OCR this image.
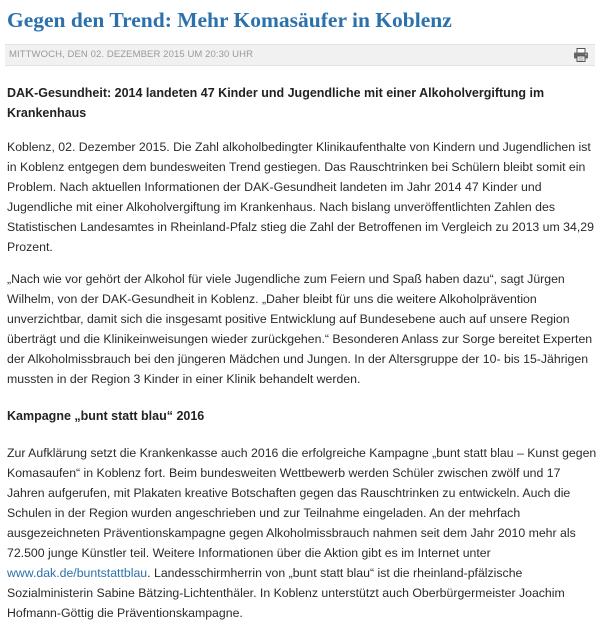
Gegen den Trend: Mehr Komasäufer in Koblenz
MITTWOCH, DEN 02. DEZEMBER 2015 UM 20:30 UHR
DAK-Gesundheit: 2014 landeten 47 Kinder und Jugendliche mit einer Alkoholvergiftung im Krankenhaus

Koblenz, 02. Dezember 2015. Die Zahl alkoholbedingter Klinikaufenthalte von Kindern und Jugendlichen ist in Koblenz entgegen dem bundesweiten Trend gestiegen. Das Rauschtrinken bei Schülern bleibt somit ein Problem. Nach aktuellen Informationen der DAK-Gesundheit landeten im Jahr 2014 47 Kinder und Jugendliche mit einer Alkoholvergiftung im Krankenhaus. Nach bislang unveröffentlichten Zahlen des Statistischen Landesamtes in Rheinland-Pfalz stieg die Zahl der Betroffenen im Vergleich zu 2013 um 34,29 Prozent.

„Nach wie vor gehört der Alkohol für viele Jugendliche zum Feiern und Spaß haben dazu“, sagt Jürgen Wilhelm, von der DAK-Gesundheit in Koblenz. „Daher bleibt für uns die weitere Alkoholprävention unverzichtbar, damit sich die insgesamt positive Entwicklung auf Bundesebene auch auf unsere Region überträgt und die Klinikeinweisungen wieder zurückgehen.“ Besonderen Anlass zur Sorge bereitet Experten der Alkoholmissbrauch bei den jüngeren Mädchen und Jungen. In der Altersgruppe der 10- bis 15-Jährigen mussten in der Region 3 Kinder in einer Klinik behandelt werden.

Kampagne „bunt statt blau“ 2016

Zur Aufklärung setzt die Krankenkasse auch 2016 die erfolgreiche Kampagne „bunt statt blau – Kunst gegen Komasaufen“ in Koblenz fort. Beim bundesweiten Wettbewerb werden Schüler zwischen zwölf und 17 Jahren aufgerufen, mit Plakaten kreative Botschaften gegen das Rauschtrinken zu entwickeln. Auch die Schulen in der Region wurden angeschrieben und zur Teilnahme eingeladen. An der mehrfach ausgezeichneten Präventionskampagne gegen Alkoholmissbrauch nahmen seit dem Jahr 2010 mehr als 72.500 junge Künstler teil. Weitere Informationen über die Aktion gibt es im Internet unter www.dak.de/buntstattblau. Landesschirmherrin von „bunt statt blau“ ist die rheinland-pfälzische Sozialministerin Sabine Bätzing-Lichtenthäler. In Koblenz unterstützt auch Oberbürgermeister Joachim Hofmann-Göttig die Präventionskampagne.
